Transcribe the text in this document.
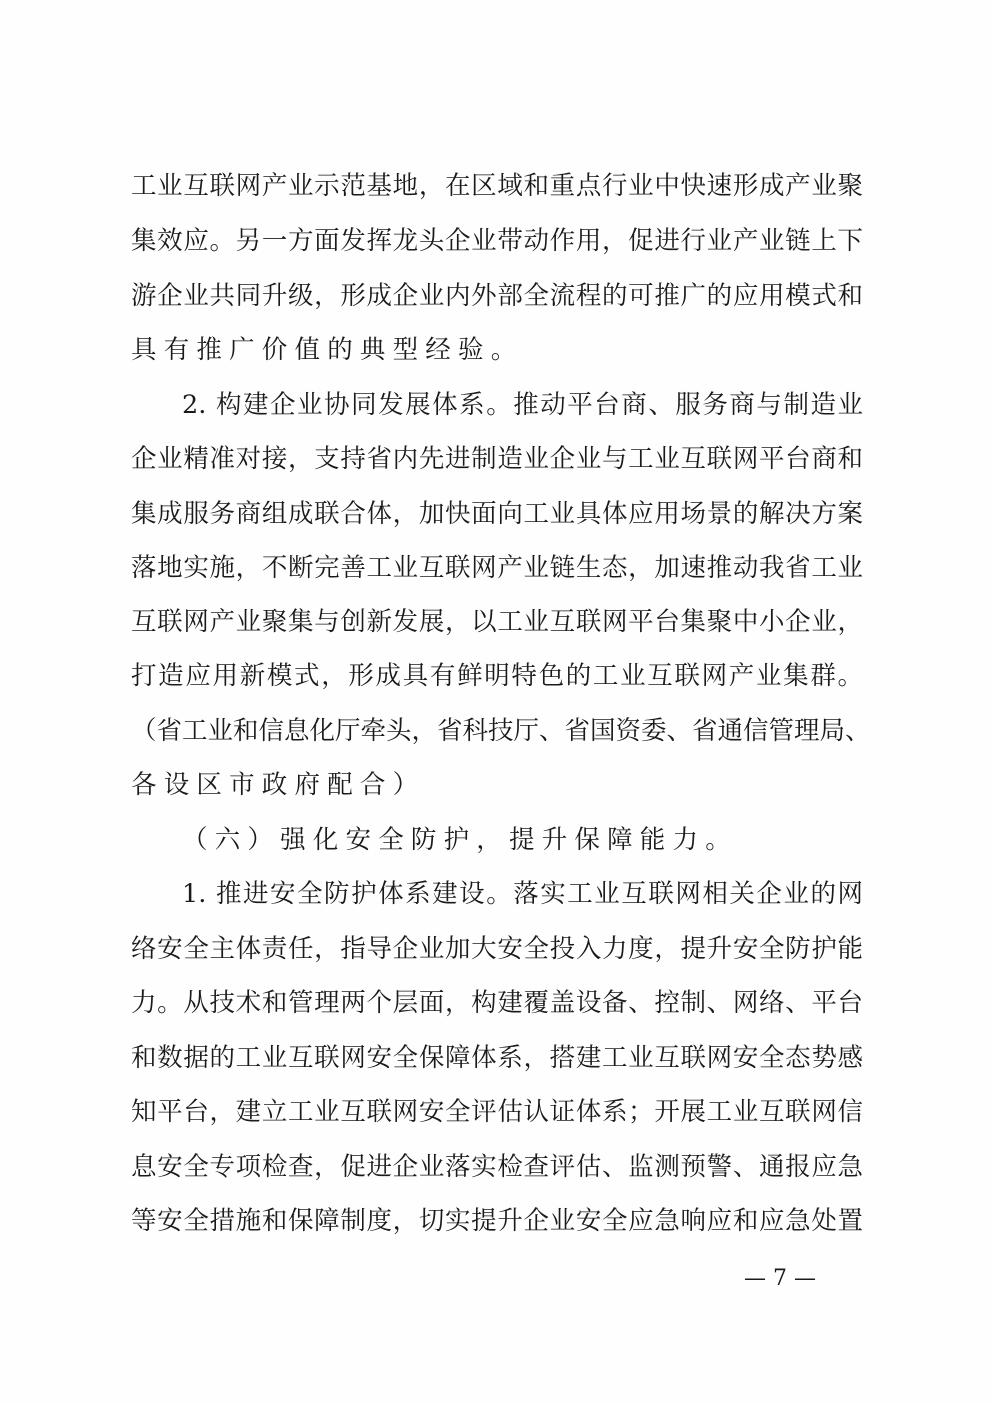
工业互联网产业示范基地，在区域和重点行业中快速形成产业聚
集效应。另一方面发挥龙头企业带动作用，促进行业产业链上下
游企业共同升级，形成企业内外部全流程的可推广的应用模式和
具有推广价值的典型经验。
2. 构建企业协同发展体系。推动平台商、服务商与制造业
企业精准对接，支持省内先进制造业企业与工业互联网平台商和
集成服务商组成联合体，加快面向工业具体应用场景的解决方案
落地实施，不断完善工业互联网产业链生态，加速推动我省工业
互联网产业聚集与创新发展，以工业互联网平台集聚中小企业，
打造应用新模式，形成具有鲜明特色的工业互联网产业集群。
（省工业和信息化厅牵头，省科技厅、省国资委、省通信管理局、
各设区市政府配合）
（六）强化安全防护，提升保障能力。
1. 推进安全防护体系建设。落实工业互联网相关企业的网
络安全主体责任，指导企业加大安全投入力度，提升安全防护能
力。从技术和管理两个层面，构建覆盖设备、控制、网络、平台
和数据的工业互联网安全保障体系，搭建工业互联网安全态势感
知平台，建立工业互联网安全评估认证体系；开展工业互联网信
息安全专项检查，促进企业落实检查评估、监测预警、通报应急
等安全措施和保障制度，切实提升企业安全应急响应和应急处置
— 7 —
